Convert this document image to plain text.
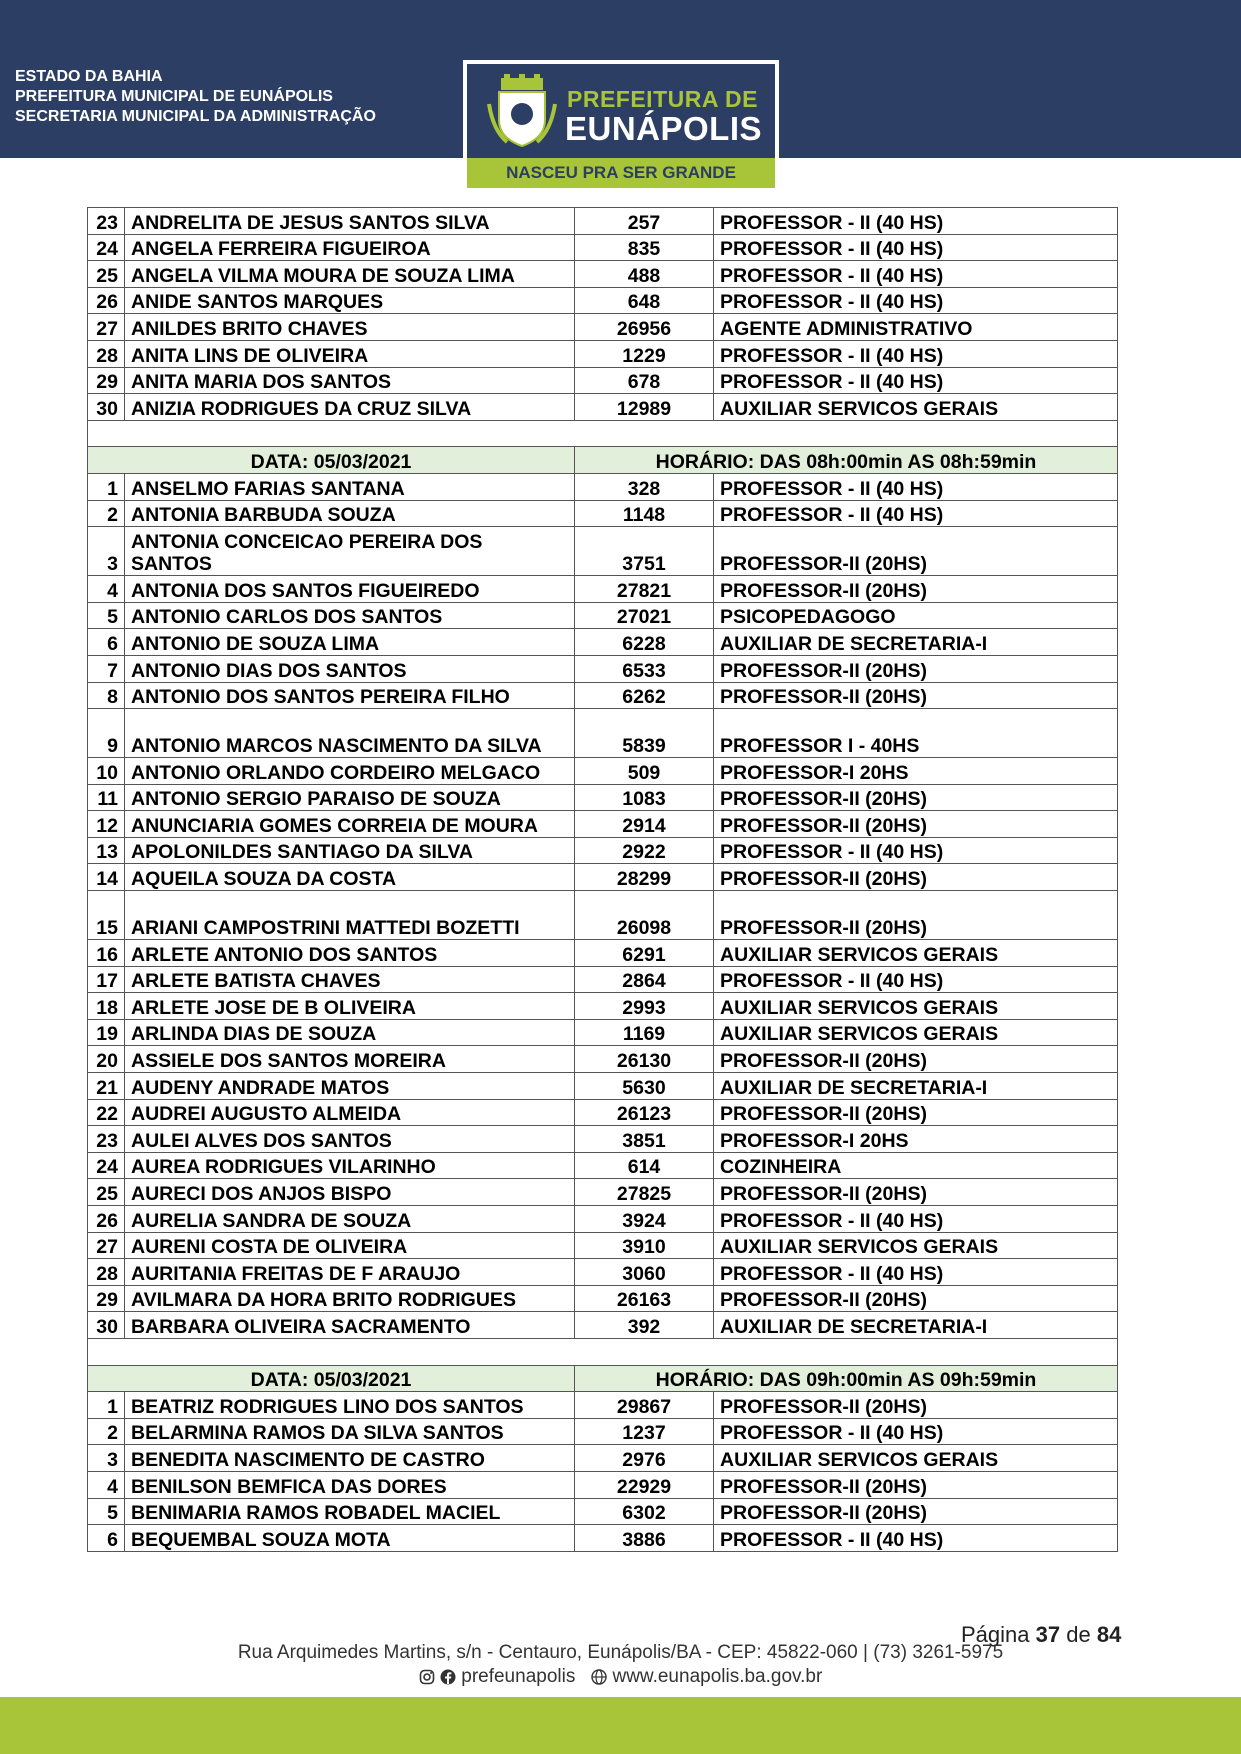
ESTADO DA BAHIA
PREFEITURA MUNICIPAL DE EUNÁPOLIS
SECRETARIA MUNICIPAL DA ADMINISTRAÇÃO
PREFEITURA DE
EUNÁPOLIS
NASCEU PRA SER GRANDE
23	ANDRELITA DE JESUS SANTOS SILVA	257	PROFESSOR - II (40 HS)
24	ANGELA FERREIRA FIGUEIROA	835	PROFESSOR - II (40 HS)
25	ANGELA VILMA MOURA DE SOUZA LIMA	488	PROFESSOR - II (40 HS)
26	ANIDE SANTOS MARQUES	648	PROFESSOR - II (40 HS)
27	ANILDES BRITO CHAVES	26956	AGENTE ADMINISTRATIVO
28	ANITA LINS DE OLIVEIRA	1229	PROFESSOR - II (40 HS)
29	ANITA MARIA DOS SANTOS	678	PROFESSOR - II (40 HS)
30	ANIZIA RODRIGUES DA CRUZ SILVA	12989	AUXILIAR SERVICOS GERAIS

DATA: 05/03/2021		HORÁRIO: DAS 08h:00min AS 08h:59min	
1	ANSELMO FARIAS SANTANA	328	PROFESSOR - II (40 HS)
2	ANTONIA BARBUDA SOUZA	1148	PROFESSOR - II (40 HS)
3	ANTONIA CONCEICAO PEREIRA DOS SANTOS	3751	PROFESSOR-II (20HS)
4	ANTONIA DOS SANTOS FIGUEIREDO	27821	PROFESSOR-II (20HS)
5	ANTONIO CARLOS DOS SANTOS	27021	PSICOPEDAGOGO
6	ANTONIO DE SOUZA LIMA	6228	AUXILIAR DE SECRETARIA-I
7	ANTONIO DIAS DOS SANTOS	6533	PROFESSOR-II (20HS)
8	ANTONIO DOS SANTOS PEREIRA FILHO	6262	PROFESSOR-II (20HS)
9	ANTONIO MARCOS NASCIMENTO DA SILVA	5839	PROFESSOR I - 40HS
10	ANTONIO ORLANDO CORDEIRO MELGACO	509	PROFESSOR-I 20HS
11	ANTONIO SERGIO PARAISO DE SOUZA	1083	PROFESSOR-II (20HS)
12	ANUNCIARIA GOMES CORREIA DE MOURA	2914	PROFESSOR-II (20HS)
13	APOLONILDES SANTIAGO DA SILVA	2922	PROFESSOR - II (40 HS)
14	AQUEILA SOUZA DA COSTA	28299	PROFESSOR-II (20HS)
15	ARIANI CAMPOSTRINI MATTEDI BOZETTI	26098	PROFESSOR-II (20HS)
16	ARLETE ANTONIO DOS SANTOS	6291	AUXILIAR SERVICOS GERAIS
17	ARLETE BATISTA CHAVES	2864	PROFESSOR - II (40 HS)
18	ARLETE JOSE DE B OLIVEIRA	2993	AUXILIAR SERVICOS GERAIS
19	ARLINDA DIAS DE SOUZA	1169	AUXILIAR SERVICOS GERAIS
20	ASSIELE DOS SANTOS MOREIRA	26130	PROFESSOR-II (20HS)
21	AUDENY ANDRADE MATOS	5630	AUXILIAR DE SECRETARIA-I
22	AUDREI AUGUSTO ALMEIDA	26123	PROFESSOR-II (20HS)
23	AULEI ALVES DOS SANTOS	3851	PROFESSOR-I 20HS
24	AUREA RODRIGUES VILARINHO	614	COZINHEIRA
25	AURECI DOS ANJOS BISPO	27825	PROFESSOR-II (20HS)
26	AURELIA SANDRA DE SOUZA	3924	PROFESSOR - II (40 HS)
27	AURENI COSTA DE OLIVEIRA	3910	AUXILIAR SERVICOS GERAIS
28	AURITANIA FREITAS DE F ARAUJO	3060	PROFESSOR - II (40 HS)
29	AVILMARA DA HORA BRITO RODRIGUES	26163	PROFESSOR-II (20HS)
30	BARBARA OLIVEIRA SACRAMENTO	392	AUXILIAR DE SECRETARIA-I

DATA: 05/03/2021		HORÁRIO: DAS 09h:00min AS 09h:59min	
1	BEATRIZ RODRIGUES LINO DOS SANTOS	29867	PROFESSOR-II (20HS)
2	BELARMINA RAMOS DA SILVA SANTOS	1237	PROFESSOR - II (40 HS)
3	BENEDITA NASCIMENTO DE CASTRO	2976	AUXILIAR SERVICOS GERAIS
4	BENILSON BEMFICA DAS DORES	22929	PROFESSOR-II (20HS)
5	BENIMARIA RAMOS ROBADEL MACIEL	6302	PROFESSOR-II (20HS)
6	BEQUEMBAL SOUZA MOTA	3886	PROFESSOR - II (40 HS)
Página 37 de 84
Rua Arquimedes Martins, s/n - Centauro, Eunápolis/BA - CEP: 45822-060 | (73) 3261-5975
prefeunapolis www.eunapolis.ba.gov.br
